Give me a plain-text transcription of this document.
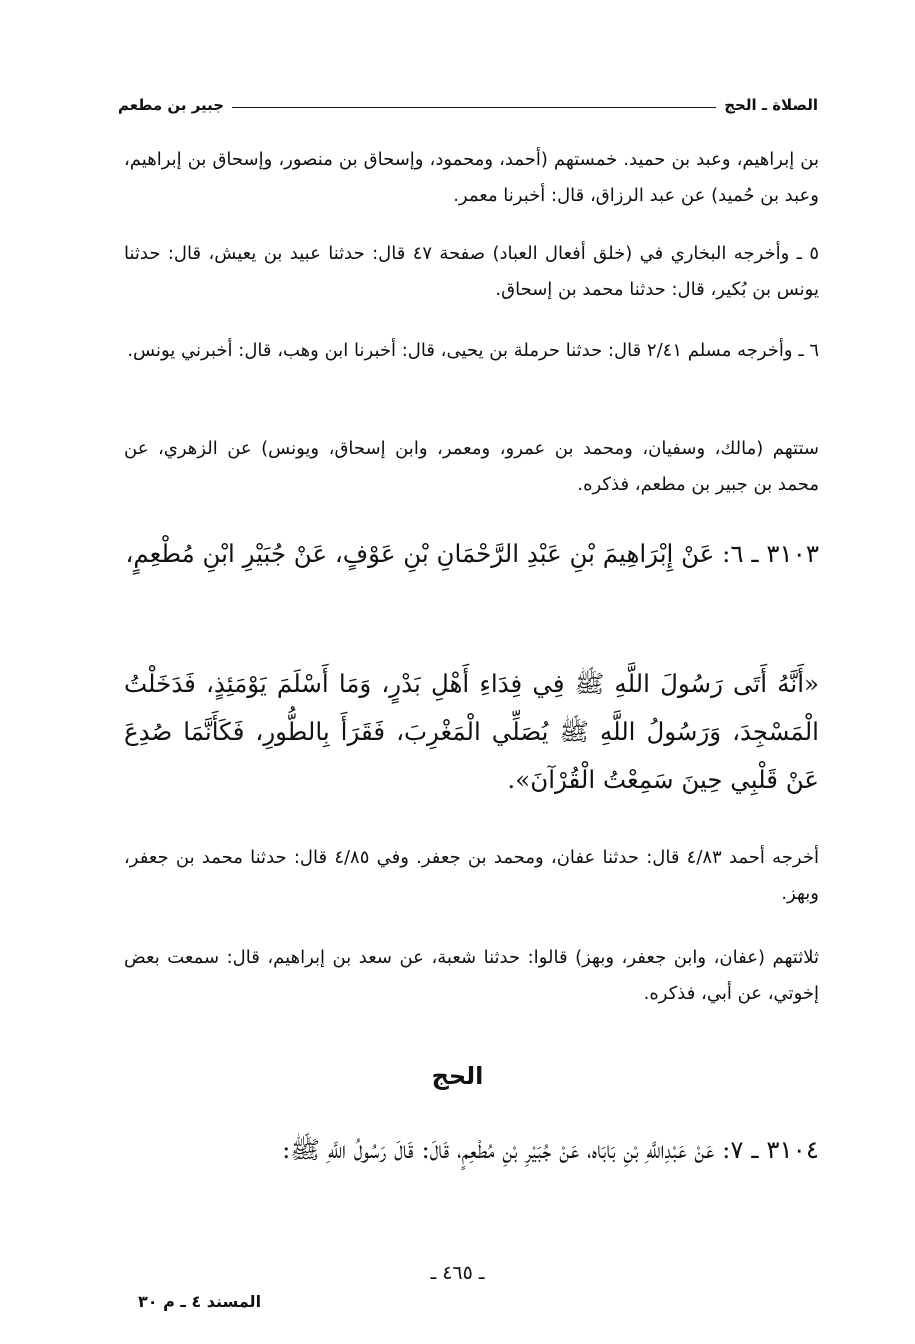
الصلاة ـ الحج
جبير بن مطعم

بن إبراهيم، وعبد بن حميد. خمستهم (أحمد، ومحمود، وإسحاق بن منصور، وإسحاق بن إبراهيم، وعبد بن حُميد) عن عبد الرزاق، قال: أخبرنا معمر.

٥ ـ وأخرجه البخاري في (خلق أفعال العباد) صفحة ٤٧ قال: حدثنا عبيد بن يعيش، قال: حدثنا يونس بن بُكير، قال: حدثنا محمد بن إسحاق.

٦ ـ وأخرجه مسلم ٢/٤١ قال: حدثنا حرملة بن يحيى، قال: أخبرنا ابن وهب، قال: أخبرني يونس.

ستتهم (مالك، وسفيان، ومحمد بن عمرو، ومعمر، وابن إسحاق، ويونس) عن الزهري، عن محمد بن جبير بن مطعم، فذكره.

٣١٠٣ ـ ٦: عَنْ إِبْرَاهِيمَ بْنِ عَبْدِ الرَّحْمَانِ بْنِ عَوْفٍ، عَنْ جُبَيْرِ ابْنِ مُطْعِمٍ،

«أَنَّهُ أَتَى رَسُولَ اللَّهِ ﷺ فِي فِدَاءِ أَهْلِ بَدْرٍ، وَمَا أَسْلَمَ يَوْمَئِذٍ، فَدَخَلْتُ الْمَسْجِدَ، وَرَسُولُ اللَّهِ ﷺ يُصَلِّي الْمَغْرِبَ، فَقَرَأَ بِالطُّورِ، فَكَأَنَّمَا صُدِعَ عَنْ قَلْبِي حِينَ سَمِعْتُ الْقُرْآنَ».

أخرجه أحمد ٤/٨٣ قال: حدثنا عفان، ومحمد بن جعفر. وفي ٤/٨٥ قال: حدثنا محمد بن جعفر، وبهز.

ثلاثتهم (عفان، وابن جعفر، وبهز) قالوا: حدثنا شعبة، عن سعد بن إبراهيم، قال: سمعت بعض إخوتي، عن أبي، فذكره.

الحج

٣١٠٤ ـ ٧: عَنْ عَبْدِاللَّهِ بْنِ بَابَاه، عَنْ جُبَيْرِ بْنِ مُطْعِمٍ، قَالَ: قَالَ رَسُولُ اللَّهِ ﷺ:

ـ ٤٦٥ ـ
المسند ٤ ـ م ٣٠
